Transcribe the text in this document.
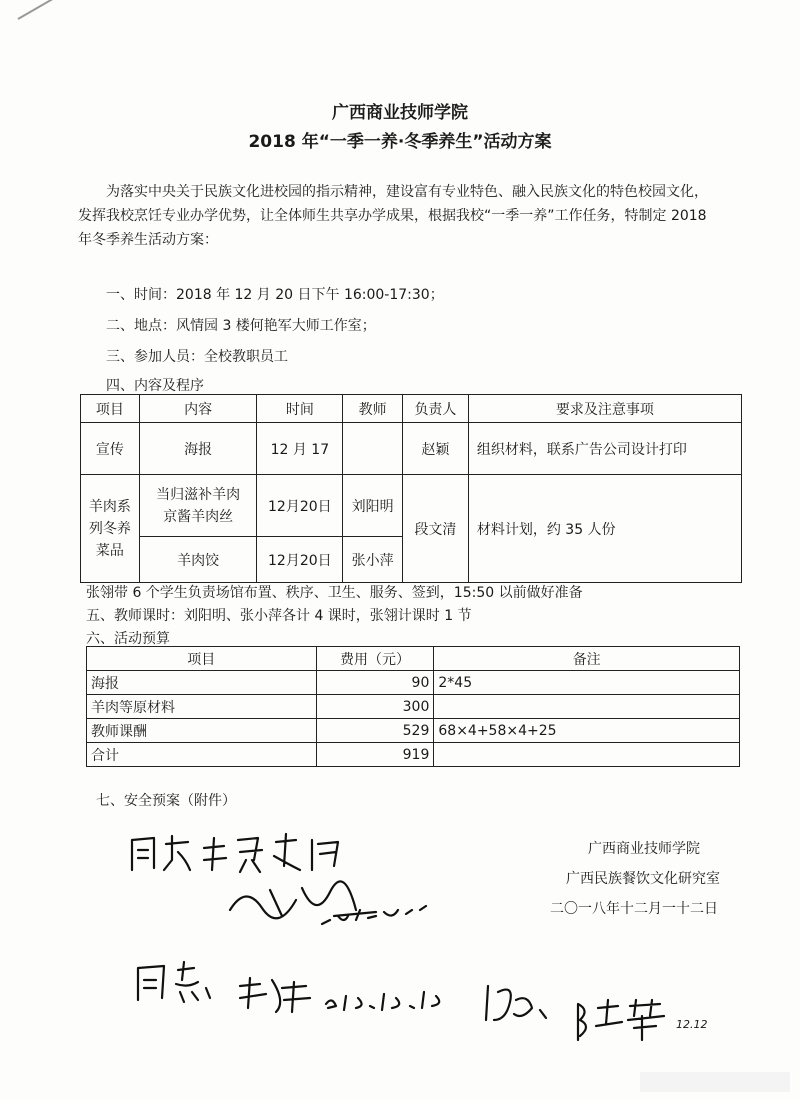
广西商业技师学院
2018 年“一季一养·冬季养生”活动方案
为落实中央关于民族文化进校园的指示精神，建设富有专业特色、融入民族文化的特色校园文化，发挥我校烹饪专业办学优势，让全体师生共享办学成果，根据我校“一季一养”工作任务，特制定 2018 年冬季养生活动方案：
一、时间：2018 年 12 月 20 日下午 16:00-17:30；
二、地点：风情园 3 楼何艳军大师工作室；
三、参加人员：全校教职员工
四、内容及程序
项目	内容	时间	教师	负责人	要求及注意事项
宣传	海报	12 月 17		赵颖	组织材料，联系广告公司设计打印
羊肉系列冬养菜品	当归滋补羊肉
京酱羊肉丝	12月20日	刘阳明	段文清	材料计划，约 35 人份
	羊肉饺	12月20日	张小萍		
张翎带 6 个学生负责场馆布置、秩序、卫生、服务、签到，15:50 以前做好准备
五、教师课时：刘阳明、张小萍各计 4 课时，张翎计课时 1 节
六、活动预算
项目	费用（元）	备注
海报	90	2*45
羊肉等原材料	300	
教师课酬	529	68×4+58×4+25
合计	919	
七、安全预案（附件）
广西商业技师学院
广西民族餐饮文化研究室
二〇一八年十二月一十二日
12.12
